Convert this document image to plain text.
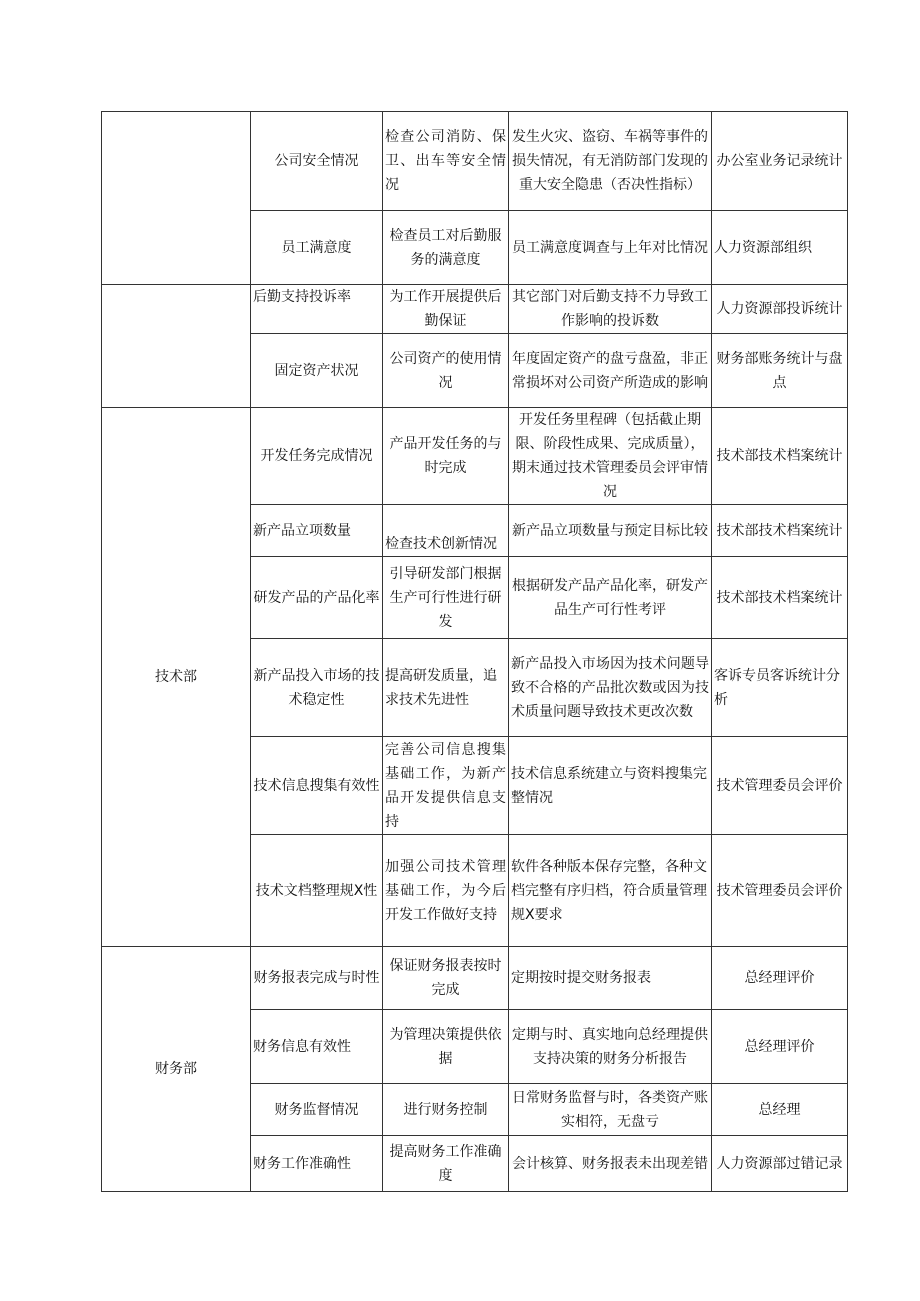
	公司安全情况	检查公司消防、保卫、出车等安全情况	发生火灾、盗窃、车祸等事件的损失情况，有无消防部门发现的重大安全隐患（否决性指标）	办公室业务记录统计
	员工满意度	检查员工对后勤服务的满意度	员工满意度调查与上年对比情况	人力资源部组织
	后勤支持投诉率	为工作开展提供后勤保证	其它部门对后勤支持不力导致工作影响的投诉数	人力资源部投诉统计
	固定资产状况	公司资产的使用情况	年度固定资产的盘亏盘盈，非正常损坏对公司资产所造成的影响	财务部账务统计与盘点
技术部	开发任务完成情况	产品开发任务的与时完成	开发任务里程碑（包括截止期限、阶段性成果、完成质量），期末通过技术管理委员会评审情况	技术部技术档案统计
	新产品立项数量	检查技术创新情况	新产品立项数量与预定目标比较	技术部技术档案统计
	研发产品的产品化率	引导研发部门根据生产可行性进行研发	根据研发产品产品化率，研发产品生产可行性考评	技术部技术档案统计
	新产品投入市场的技术稳定性	提高研发质量，追求技术先进性	新产品投入市场因为技术问题导致不合格的产品批次数或因为技术质量问题导致技术更改次数	客诉专员客诉统计分析
	技术信息搜集有效性	完善公司信息搜集基础工作，为新产品开发提供信息支持	技术信息系统建立与资料搜集完整情况	技术管理委员会评价
	技术文档整理规X性	加强公司技术管理基础工作，为今后开发工作做好支持	软件各种版本保存完整，各种文档完整有序归档，符合质量管理规X要求	技术管理委员会评价
财务部	财务报表完成与时性	保证财务报表按时完成	定期按时提交财务报表	总经理评价
	财务信息有效性	为管理决策提供依据	定期与时、真实地向总经理提供支持决策的财务分析报告	总经理评价
	财务监督情况	进行财务控制	日常财务监督与时，各类资产账实相符，无盘亏	总经理
	财务工作准确性	提高财务工作准确度	会计核算、财务报表未出现差错	人力资源部过错记录
